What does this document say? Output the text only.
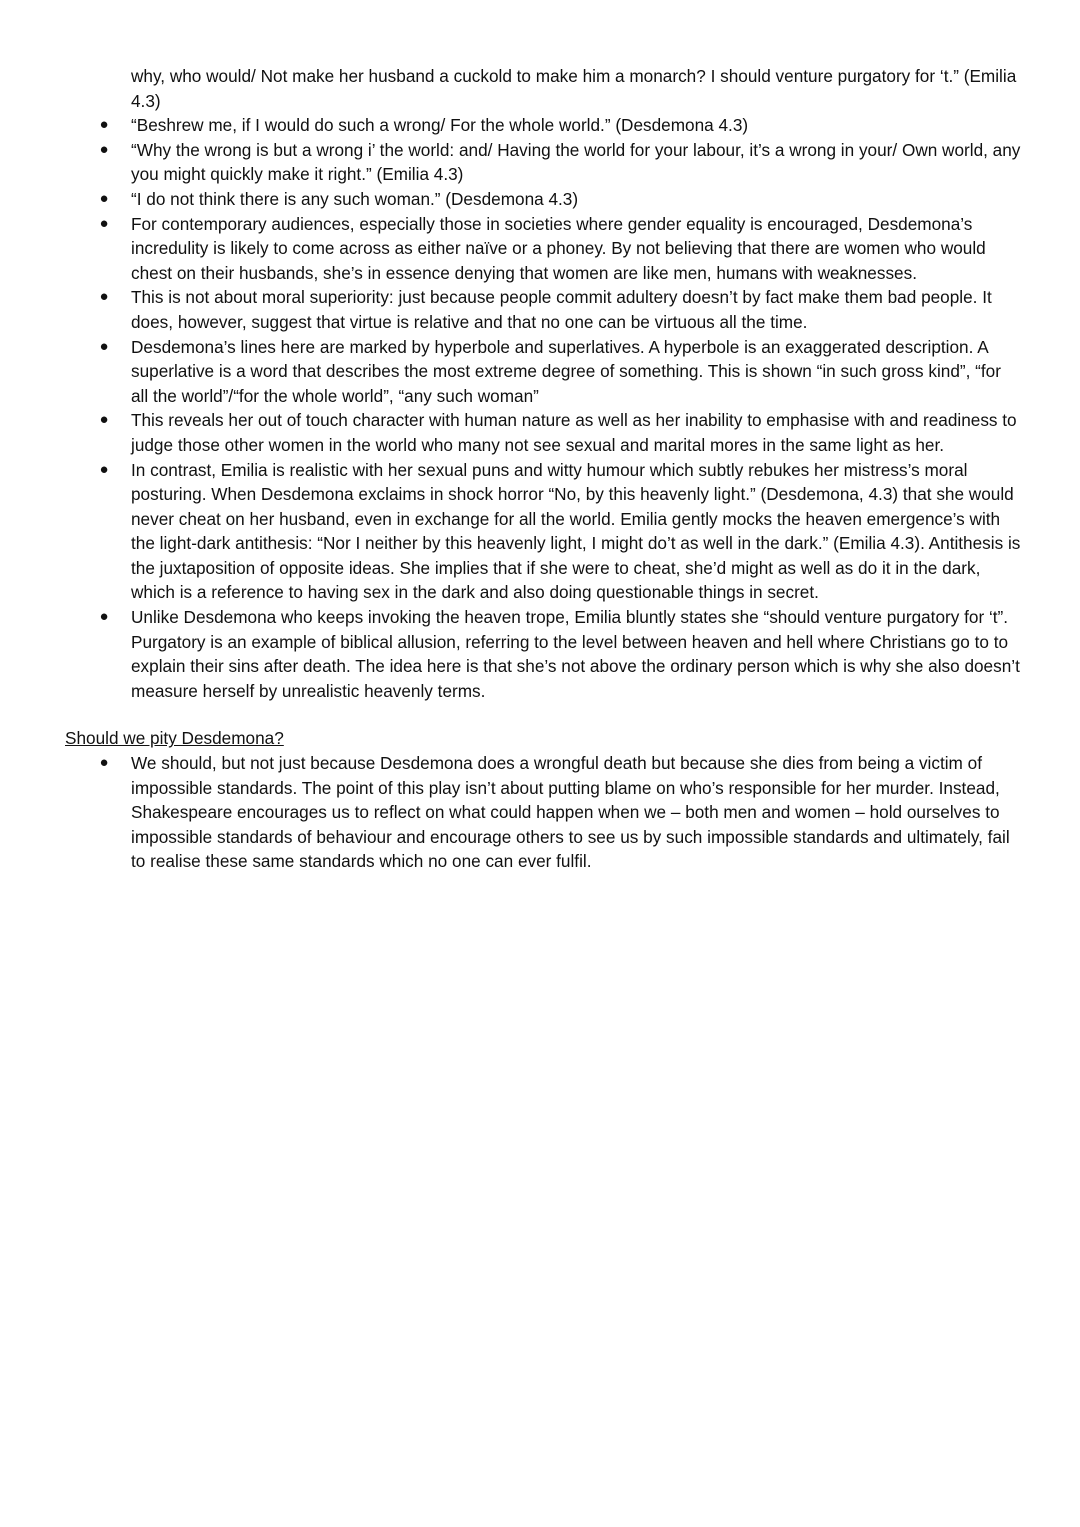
why, who would/ Not make her husband a cuckold to make him a monarch? I should venture purgatory for ‘t.” (Emilia 4.3)
● “Beshrew me, if I would do such a wrong/ For the whole world.” (Desdemona 4.3)
● “Why the wrong is but a wrong i’ the world: and/ Having the world for your labour, it’s a wrong in your/ Own world, any you might quickly make it right.” (Emilia 4.3)
● “I do not think there is any such woman.” (Desdemona 4.3)
● For contemporary audiences, especially those in societies where gender equality is encouraged, Desdemona’s incredulity is likely to come across as either naïve or a phoney. By not believing that there are women who would chest on their husbands, she’s in essence denying that women are like men, humans with weaknesses.
● This is not about moral superiority: just because people commit adultery doesn’t by fact make them bad people. It does, however, suggest that virtue is relative and that no one can be virtuous all the time.
● Desdemona’s lines here are marked by hyperbole and superlatives. A hyperbole is an exaggerated description. A superlative is a word that describes the most extreme degree of something. This is shown “in such gross kind”, “for all the world”/“for the whole world”, “any such woman”
● This reveals her out of touch character with human nature as well as her inability to emphasise with and readiness to judge those other women in the world who many not see sexual and marital mores in the same light as her.
● In contrast, Emilia is realistic with her sexual puns and witty humour which subtly rebukes her mistress’s moral posturing. When Desdemona exclaims in shock horror “No, by this heavenly light.” (Desdemona, 4.3) that she would never cheat on her husband, even in exchange for all the world. Emilia gently mocks the heaven emergence’s with the light-dark antithesis: “Nor I neither by this heavenly light, I might do’t as well in the dark.” (Emilia 4.3). Antithesis is the juxtaposition of opposite ideas. She implies that if she were to cheat, she’d might as well as do it in the dark, which is a reference to having sex in the dark and also doing questionable things in secret.
● Unlike Desdemona who keeps invoking the heaven trope, Emilia bluntly states she “should venture purgatory for ‘t”. Purgatory is an example of biblical allusion, referring to the level between heaven and hell where Christians go to to explain their sins after death. The idea here is that she’s not above the ordinary person which is why she also doesn’t measure herself by unrealistic heavenly terms.
Should we pity Desdemona?
● We should, but not just because Desdemona does a wrongful death but because she dies from being a victim of impossible standards. The point of this play isn’t about putting blame on who’s responsible for her murder. Instead, Shakespeare encourages us to reflect on what could happen when we – both men and women – hold ourselves to impossible standards of behaviour and encourage others to see us by such impossible standards and ultimately, fail to realise these same standards which no one can ever fulfil.
